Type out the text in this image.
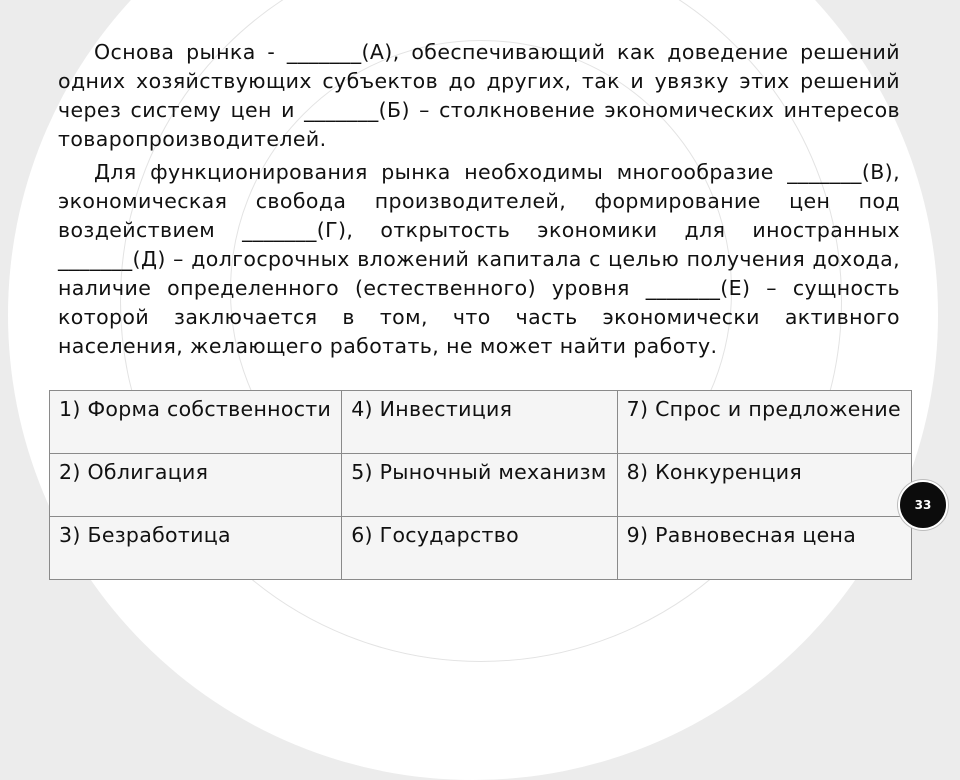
Основа рынка - _______(А), обеспечивающий как доведение решений одних хозяйствующих субъектов до других, так и увязку этих решений через систему цен и _______(Б) – столкновение экономических интересов товаропроизводителей.

Для функционирования рынка необходимы многообразие _______(В), экономическая свобода производителей, формирование цен под воздействием _______(Г), открытость экономики для иностранных _______(Д) – долгосрочных вложений капитала с целью получения дохода, наличие определенного (естественного) уровня _______(Е) – сущность которой заключается в том, что часть экономически активного населения, желающего работать, не может найти работу.

1) Форма собственности	4) Инвестиция	7) Спрос и предложение
2) Облигация	5) Рыночный механизм	8) Конкуренция
3) Безработица	6) Государство	9) Равновесная цена
33
